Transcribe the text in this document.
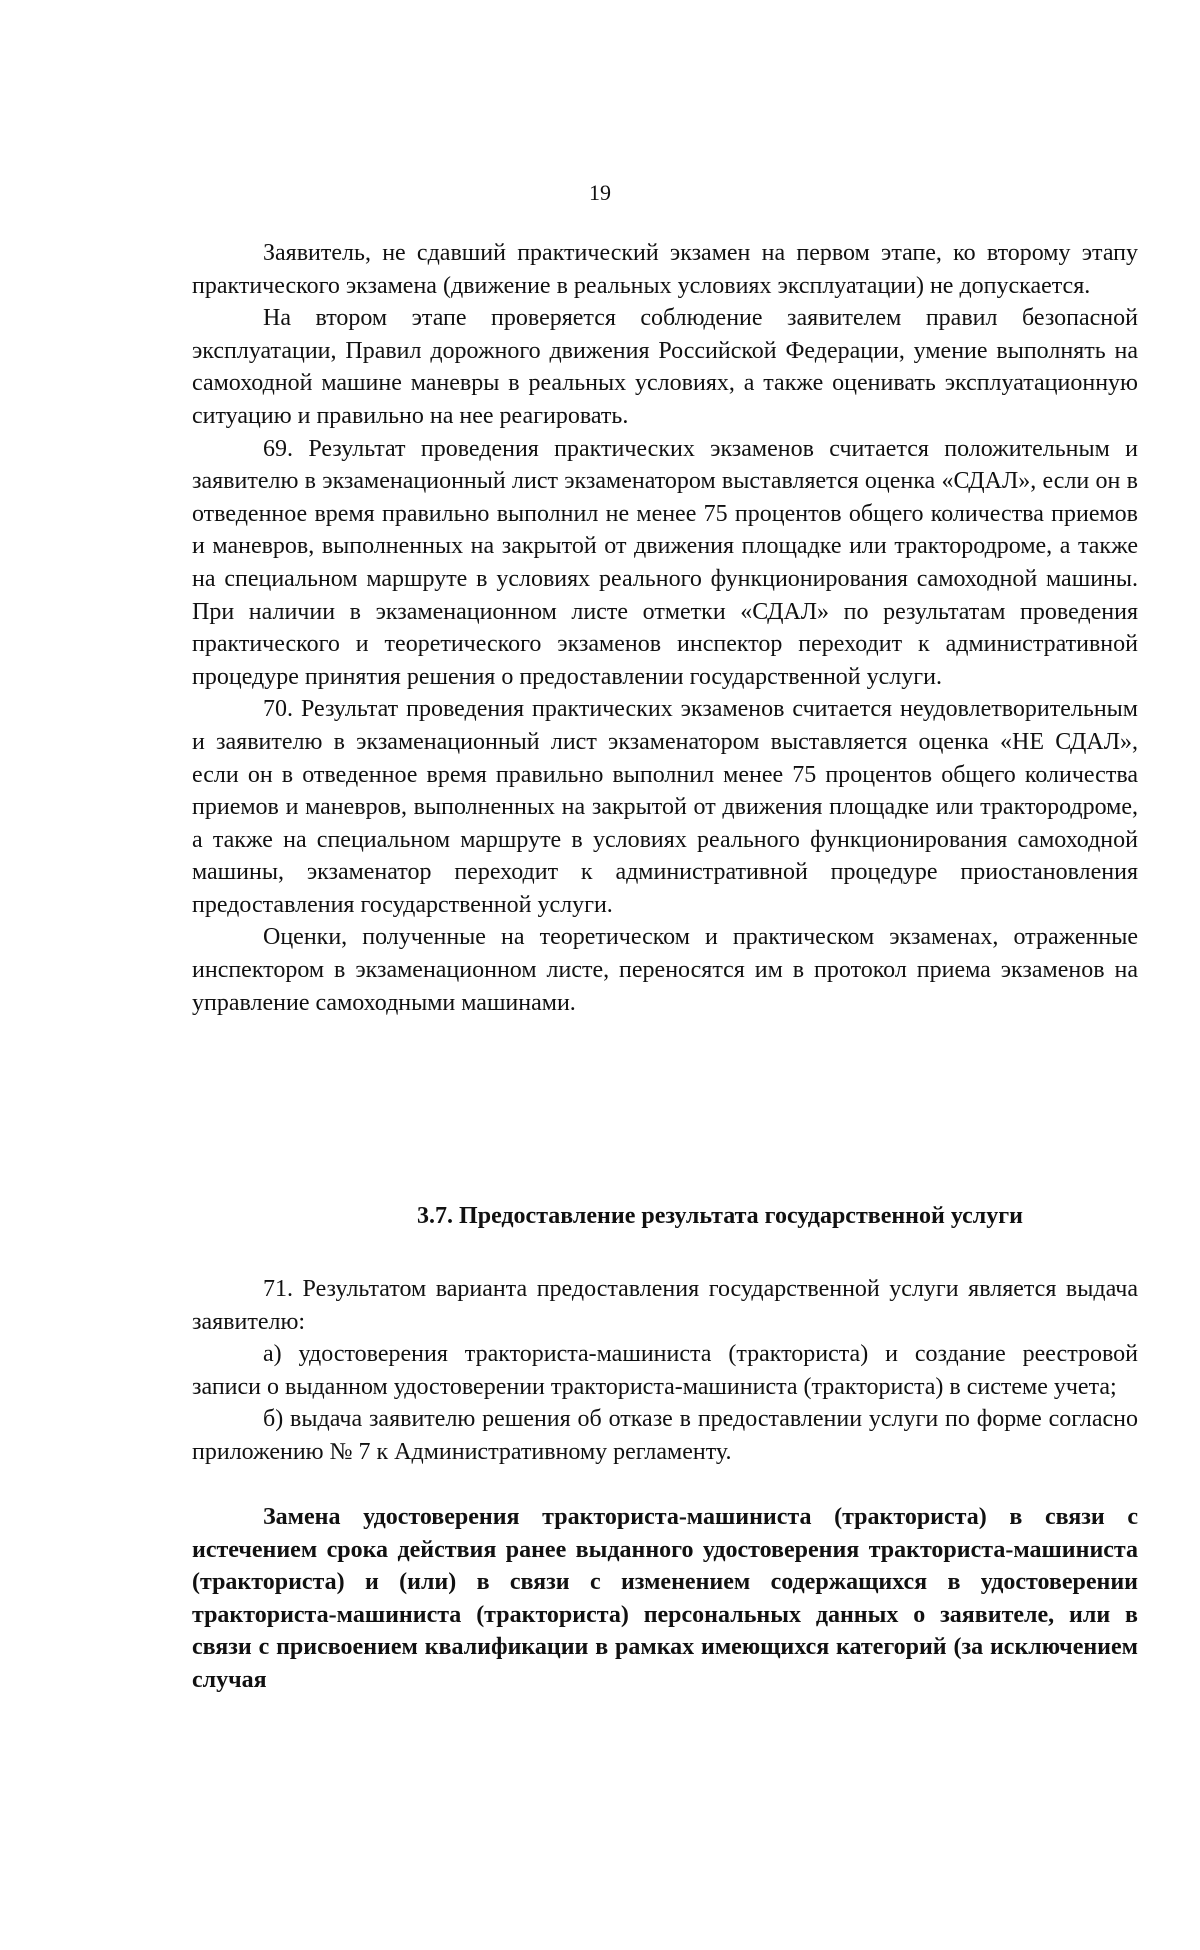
19

Заявитель, не сдавший практический экзамен на первом этапе, ко второму этапу практического экзамена (движение в реальных условиях эксплуатации) не допускается.

На втором этапе проверяется соблюдение заявителем правил безопасной эксплуатации, Правил дорожного движения Российской Федерации, умение выполнять на самоходной машине маневры в реальных условиях, а также оценивать эксплуатационную ситуацию и правильно на нее реагировать.

69. Результат проведения практических экзаменов считается положительным и заявителю в экзаменационный лист экзаменатором выставляется оценка «СДАЛ», если он в отведенное время правильно выполнил не менее 75 процентов общего количества приемов и маневров, выполненных на закрытой от движения площадке или трактородроме, а также на специальном маршруте в условиях реального функционирования самоходной машины. При наличии в экзаменационном листе отметки «СДАЛ» по результатам проведения практического и теоретического экзаменов инспектор переходит к административной процедуре принятия решения о предоставлении государственной услуги.

70. Результат проведения практических экзаменов считается неудовлетворительным и заявителю в экзаменационный лист экзаменатором выставляется оценка «НЕ СДАЛ», если он в отведенное время правильно выполнил менее 75 процентов общего количества приемов и маневров, выполненных на закрытой от движения площадке или трактородроме, а также на специальном маршруте в условиях реального функционирования самоходной машины, экзаменатор переходит к административной процедуре приостановления предоставления государственной услуги.

Оценки, полученные на теоретическом и практическом экзаменах, отраженные инспектором в экзаменационном листе, переносятся им в протокол приема экзаменов на управление самоходными машинами.

3.7. Предоставление результата государственной услуги

71. Результатом варианта предоставления государственной услуги является выдача заявителю:

а) удостоверения тракториста-машиниста (тракториста) и создание реестровой записи о выданном удостоверении тракториста-машиниста (тракториста) в системе учета;

б) выдача заявителю решения об отказе в предоставлении услуги по форме согласно приложению № 7 к Административному регламенту.

Замена удостоверения тракториста-машиниста (тракториста) в связи с истечением срока действия ранее выданного удостоверения тракториста-машиниста (тракториста) и (или) в связи с изменением содержащихся в удостоверении тракториста-машиниста (тракториста) персональных данных о заявителе, или в связи с присвоением квалификации в рамках имеющихся категорий (за исключением случая
